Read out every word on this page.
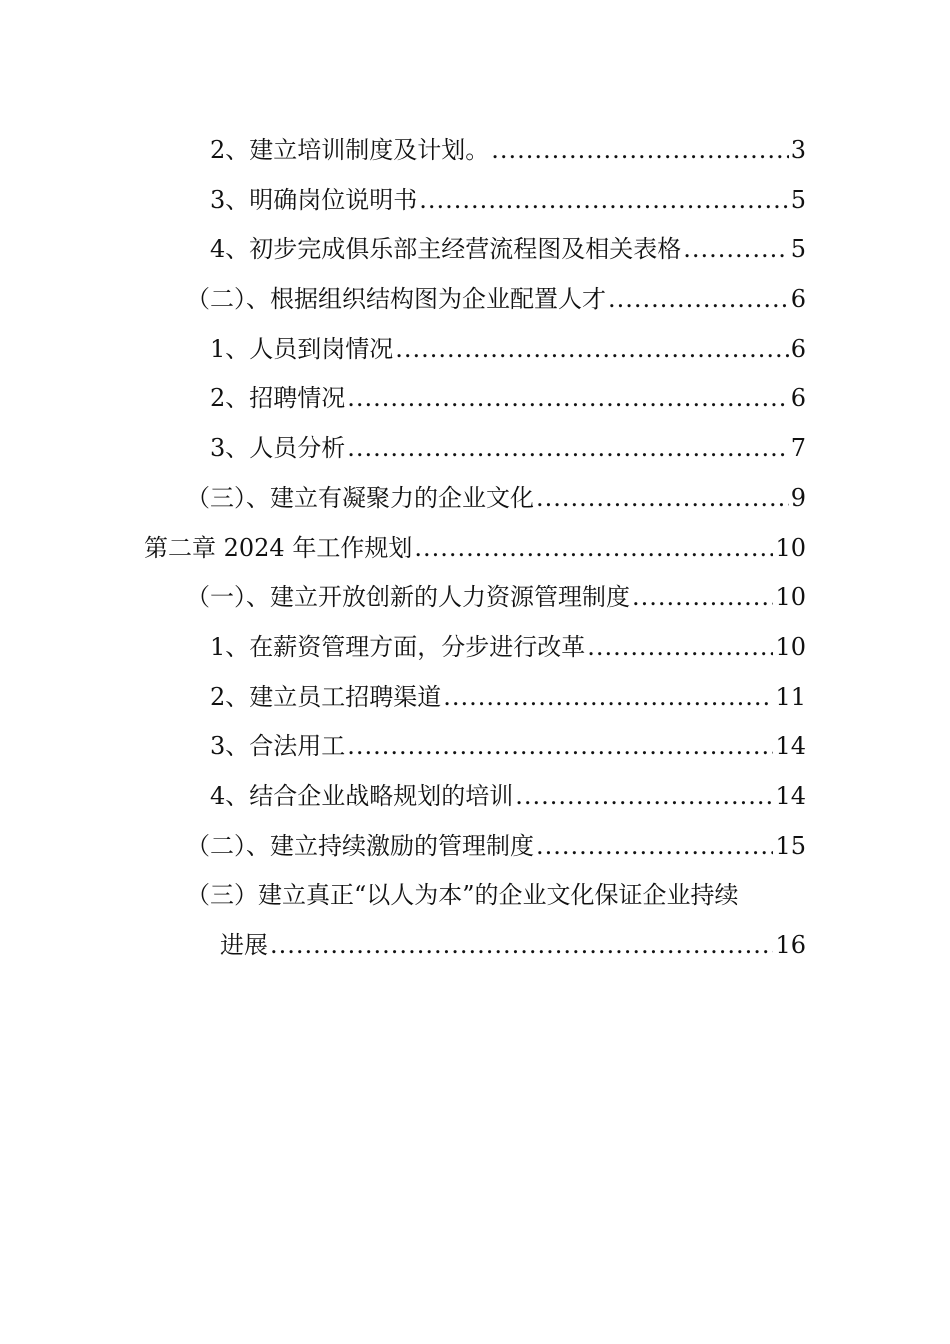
2、建立培训制度及计划。 .....	3
3、明确岗位说明书 .....	5
4、初步完成俱乐部主经营流程图及相关表格 .....	5
（二）、根据组织结构图为企业配置人才 .....	6
1、人员到岗情况 .....	6
2、招聘情况 .....	6
3、人员分析 .....	7
（三）、建立有凝聚力的企业文化 .....	9
第二章 2024 年工作规划 .....	10
（一）、建立开放创新的人力资源管理制度 .....	10
1、在薪资管理方面，分步进行改革 .....	10
2、建立员工招聘渠道 .....	11
3、合法用工 .....	14
4、结合企业战略规划的培训 .....	14
（二）、建立持续激励的管理制度 .....	15
（三）建立真正“以人为本”的企业文化保证企业持续
进展 .....	16
